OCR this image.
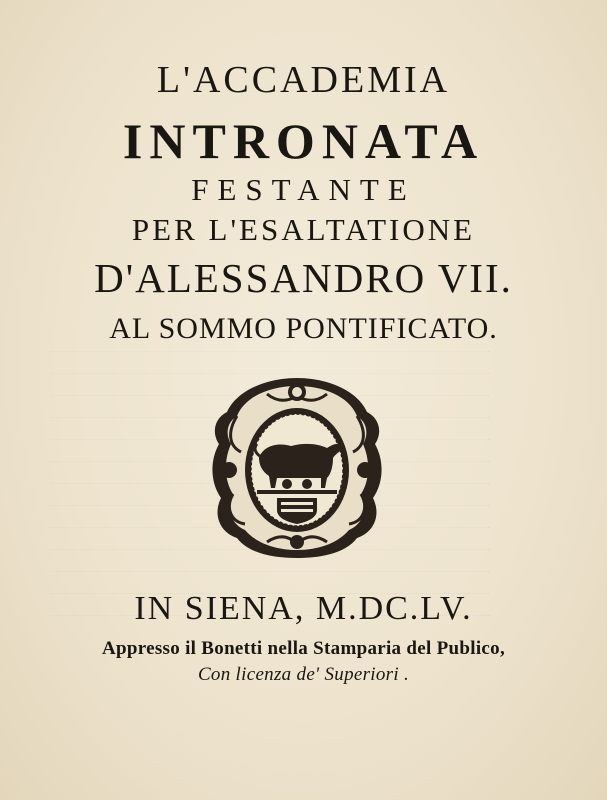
L'ACCADEMIA
INTRONATA
FESTANTE
PER L'ESALTATIONE
D'ALESSANDRO VII.
AL SOMMO PONTIFICATO.
IN SIENA, M.DC.LV.
Appresso il Bonetti nella Stamparia del Publico,
Con licenza de' Superiori .
